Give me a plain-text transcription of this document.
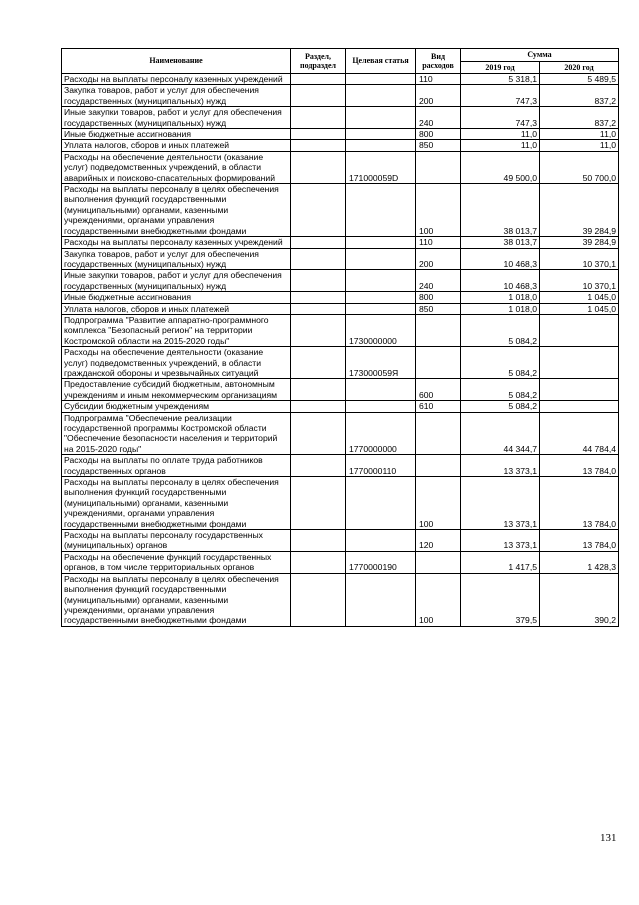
Наименование	Раздел, подраздел	Целевая статья	Вид расходов	Сумма	
				2019 год	2020 год
Расходы на выплаты персоналу казенных учреждений			110	5 318,1	5 489,5
Закупка товаров, работ и услуг для обеспечения государственных (муниципальных) нужд			200	747,3	837,2
Иные закупки товаров, работ и услуг для обеспечения государственных (муниципальных) нужд			240	747,3	837,2
Иные бюджетные ассигнования			800	11,0	11,0
Уплата налогов, сборов и иных платежей			850	11,0	11,0
Расходы на обеспечение деятельности (оказание услуг) подведомственных учреждений, в области аварийных и поисково-спасательных формирований		171000059D		49 500,0	50 700,0
Расходы на выплаты персоналу в целях обеспечения выполнения функций государственными (муниципальными) органами, казенными учреждениями, органами управления государственными внебюджетными фондами			100	38 013,7	39 284,9
Расходы на выплаты персоналу казенных учреждений			110	38 013,7	39 284,9
Закупка товаров, работ и услуг для обеспечения государственных (муниципальных) нужд			200	10 468,3	10 370,1
Иные закупки товаров, работ и услуг для обеспечения государственных (муниципальных) нужд			240	10 468,3	10 370,1
Иные бюджетные ассигнования			800	1 018,0	1 045,0
Уплата налогов, сборов и иных платежей			850	1 018,0	1 045,0
Подпрограмма "Развитие аппаратно-программного комплекса "Безопасный регион" на территории Костромской области на 2015-2020 годы"		1730000000		5 084,2	
Расходы на обеспечение деятельности (оказание услуг) подведомственных учреждений, в области гражданской обороны и чрезвычайных ситуаций		173000059Я		5 084,2	
Предоставление субсидий бюджетным, автономным учреждениям и иным некоммерческим организациям			600	5 084,2	
Субсидии бюджетным учреждениям			610	5 084,2	
Подпрограмма "Обеспечение реализации государственной программы Костромской области "Обеспечение безопасности населения и территорий на 2015-2020 годы"		1770000000		44 344,7	44 784,4
Расходы на выплаты по оплате труда работников государственных органов		1770000110		13 373,1	13 784,0
Расходы на выплаты персоналу в целях обеспечения выполнения функций государственными (муниципальными) органами, казенными учреждениями, органами управления государственными внебюджетными фондами			100	13 373,1	13 784,0
Расходы на выплаты персоналу государственных (муниципальных) органов			120	13 373,1	13 784,0
Расходы на обеспечение функций государственных органов, в том числе территориальных органов		1770000190		1 417,5	1 428,3
Расходы на выплаты персоналу в целях обеспечения выполнения функций государственными (муниципальными) органами, казенными учреждениями, органами управления государственными внебюджетными фондами			100	379,5	390,2
131
